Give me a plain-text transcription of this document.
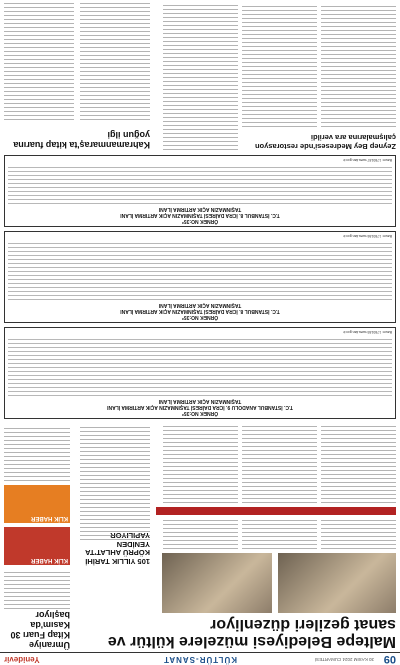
09
30 KASIM 2024 CUMARTESİ
KÜLTÜR-SANAT
Yenidevir
Maltepe Belediyesi müzelere kültür ve sanat gezileri düzenliyor
Ümraniye Kitap Fuarı 30 Kasım'da başlıyor
ZEYTİNBURNU BELEDİYESİ MALTEPE BELEDİYESİ BASIN İNTERNET SİTESİNDE
105 YILLIK TARİHİ KÖPRÜ AHLAT'TA YENİDEN YAPILIYOR
KLİK HABER
KLİK HABER
ÖRNEK NO:35*
T.C. İSTANBUL ANADOLU 9. İCRA DAİRESİ TAŞINMAZIN AÇIK ARTIRMA İLANI
TAŞINMAZIN AÇIK ARTIRMA İLANI
Basın: 1780185 www.ilan.gov.tr
ÖRNEK NO:35*
T.C. İSTANBUL 8. İCRA DAİRESİ TAŞINMAZIN AÇIK ARTIRMA İLANI
TAŞINMAZIN AÇIK ARTIRMA İLANI
Basın: 1780186 www.ilan.gov.tr
ÖRNEK NO:35*
T.C. İSTANBUL 8. İCRA DAİRESİ TAŞINMAZIN AÇIK ARTIRMA İLANI
TAŞINMAZIN AÇIK ARTIRMA İLANI
Basın: 1780187 www.ilan.gov.tr
Zeynep Bey Medresesi'nde restorasyon çalışmalarına ara verildi
Kahramanmaraş'ta kitap fuarına yoğun ilgi
